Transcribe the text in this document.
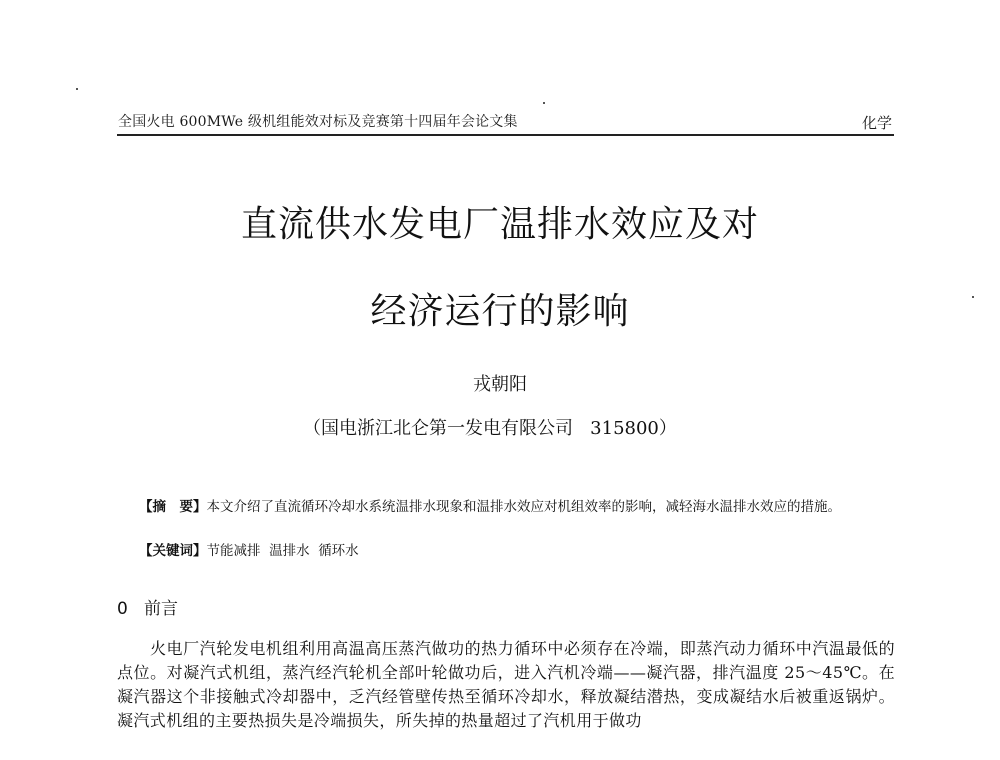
全国火电 600MWe 级机组能效对标及竞赛第十四届年会论文集	化学
直流供水发电厂温排水效应及对
经济运行的影响
戎朝阳
（国电浙江北仑第一发电有限公司 315800）
【摘　要】本文介绍了直流循环冷却水系统温排水现象和温排水效应对机组效率的影响，减轻海水温排水效应的措施。
【关键词】节能减排 温排水 循环水
0 前言
火电厂汽轮发电机组利用高温高压蒸汽做功的热力循环中必须存在冷端，即蒸汽动力循环中汽温最低的点位。对凝汽式机组，蒸汽经汽轮机全部叶轮做功后，进入汽机冷端——凝汽器，排汽温度 25～45℃。在凝汽器这个非接触式冷却器中，乏汽经管壁传热至循环冷却水，释放凝结潜热，变成凝结水后被重返锅炉。凝汽式机组的主要热损失是冷端损失，所失掉的热量超过了汽机用于做功
